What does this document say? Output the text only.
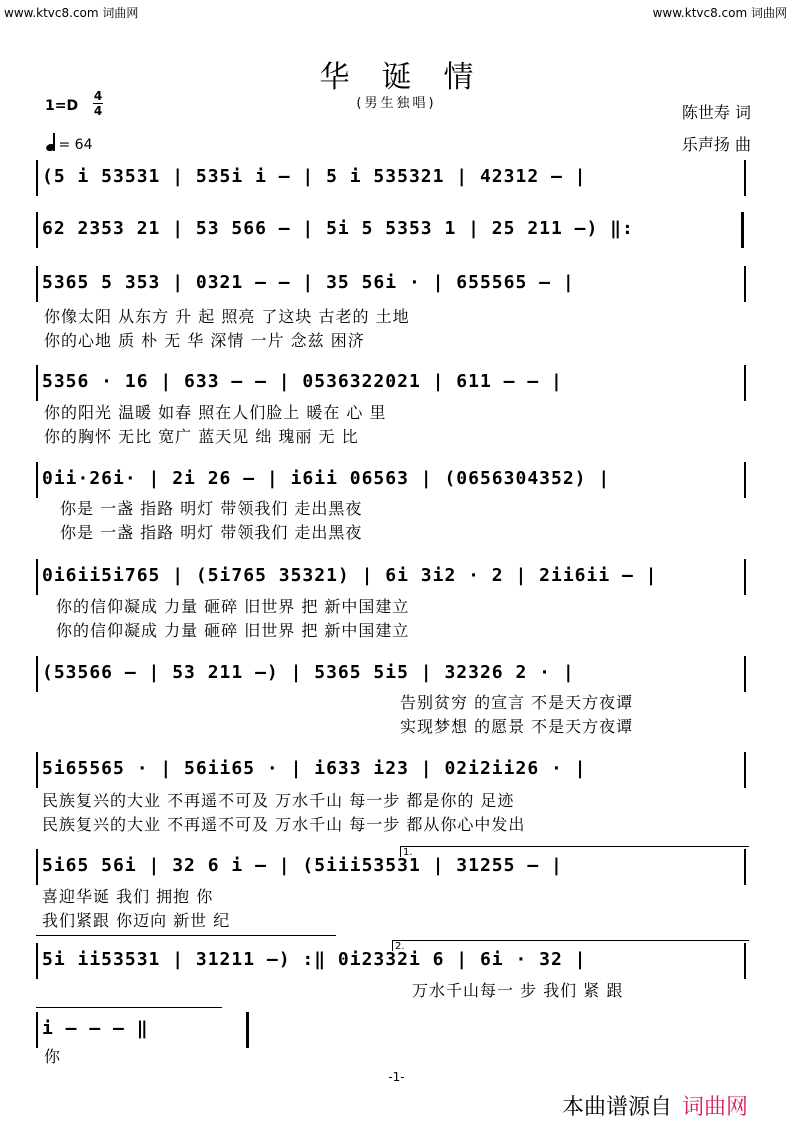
www.ktvc8.com 词曲网	www.ktvc8.com 词曲网
华诞情
(男生独唱)
1=D
4
4
= 64
陈世寿 词
乐声扬 曲
(5 i 53531 | 535i i – | 5 i 535321 | 42312 – |
62 2353 21 | 53 566 – | 5i 5 5353 1 | 25 211 –) ‖:
5365 5 353 | 0321 – – | 35 56i · | 655565 – |
你像太阳 从东方 升 起 照亮 了这块 古老的 土地
你的心地 质 朴 无 华 深情 一片 念兹 困济
5356 · 16 | 633 – – | 0536322021 | 611 – – |
你的阳光 温暖 如春 照在人们脸上 暖在 心 里
你的胸怀 无比 宽广 蓝天见 绌 瑰丽 无 比
0ii·26i· | 2i 26 – | i6ii 06563 | (0656304352) |
你是 一盏 指路 明灯 带领我们 走出黑夜
你是 一盏 指路 明灯 带领我们 走出黑夜
0i6ii5i765 | (5i765 35321) | 6i 3i2 · 2 | 2ii6ii – |
你的信仰凝成 力量 砸碎 旧世界 把 新中国建立
你的信仰凝成 力量 砸碎 旧世界 把 新中国建立
(53566 – | 53 211 –) | 5365 5i5 | 32326 2 · |
告别贫穷 的宣言 不是天方夜谭
实现梦想 的愿景 不是天方夜谭
5i65565 · | 56ii65 · | i633 i23 | 02i2ii26 · |
民族复兴的大业 不再遥不可及 万水千山 每一步 都是你的 足迹
民族复兴的大业 不再遥不可及 万水千山 每一步 都从你心中发出
5i65 56i | 32 6 i – | (5iii53531 | 31255 – |
1.
喜迎华诞 我们 拥抱 你
我们紧跟 你迈向 新世 纪
5i ii53531 | 31211 –) :‖ 0i2332i 6 | 6i · 32 |
2.
万水千山每一 步 我们 紧 跟
i – – – ‖
你
-1-
本曲谱源自 词曲网
